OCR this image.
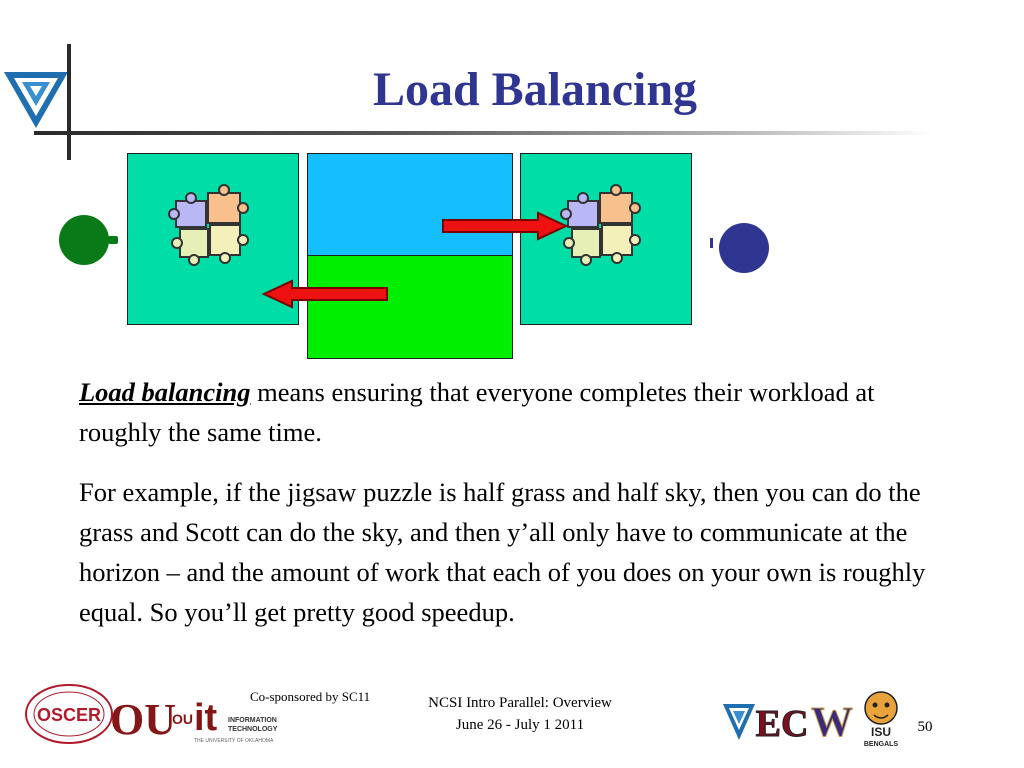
Load Balancing

Load balancing means ensuring that everyone completes their workload at roughly the same time.

For example, if the jigsaw puzzle is half grass and half sky, then you can do the grass and Scott can do the sky, and then y’all only have to communicate at the horizon – and the amount of work that each of you does on your own is roughly equal. So you’ll get pretty good speedup.

OSCER OU
OU it INFORMATION
TECHNOLOGY
THE UNIVERSITY OF OKLAHOMA
Co-sponsored by SC11	NCSI Intro Parallel: Overview
June 26 - July 1 2011	EC W ISU
BENGALS
50
